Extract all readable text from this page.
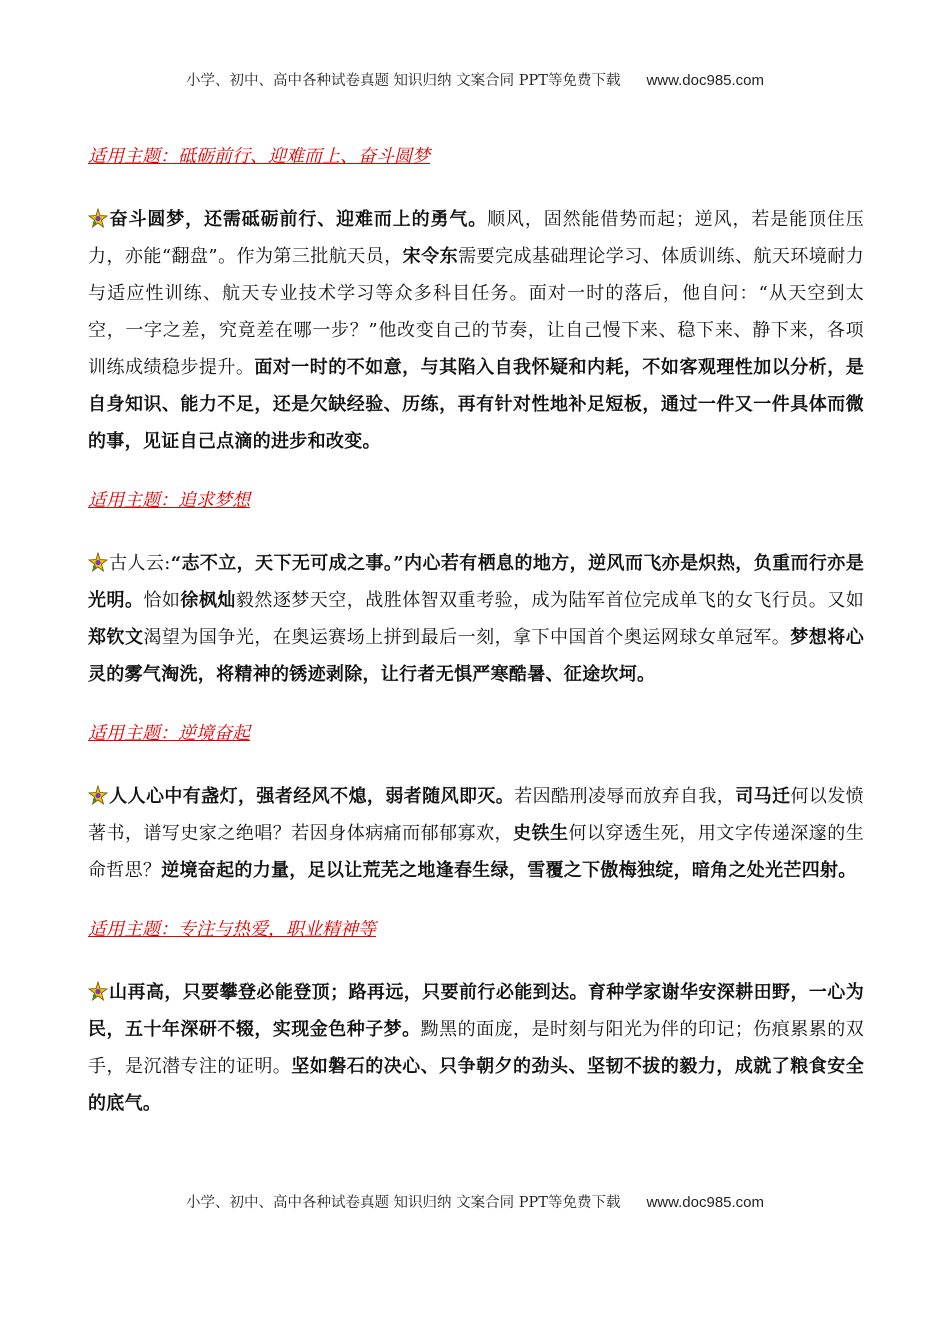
小学、初中、高中各种试卷真题 知识归纳 文案合同 PPT等免费下载 www.doc985.com

适用主题：砥砺前行、迎难而上、奋斗圆梦

奋斗圆梦，还需砥砺前行、迎难而上的勇气。顺风，固然能借势而起；逆风，若是能顶住压力，亦能“翻盘”。作为第三批航天员，宋令东需要完成基础理论学习、体质训练、航天环境耐力与适应性训练、航天专业技术学习等众多科目任务。面对一时的落后，他自问：“从天空到太空，一字之差，究竟差在哪一步？”他改变自己的节奏，让自己慢下来、稳下来、静下来，各项训练成绩稳步提升。面对一时的不如意，与其陷入自我怀疑和内耗，不如客观理性加以分析，是自身知识、能力不足，还是欠缺经验、历练，再有针对性地补足短板，通过一件又一件具体而微的事，见证自己点滴的进步和改变。

适用主题：追求梦想

古人云:“志不立，天下无可成之事。”内心若有栖息的地方，逆风而飞亦是炽热，负重而行亦是光明。恰如徐枫灿毅然逐梦天空，战胜体智双重考验，成为陆军首位完成单飞的女飞行员。又如郑钦文渴望为国争光，在奥运赛场上拼到最后一刻，拿下中国首个奥运网球女单冠军。梦想将心灵的雾气淘洗，将精神的锈迹剥除，让行者无惧严寒酷暑、征途坎坷。

适用主题：逆境奋起

人人心中有盏灯，强者经风不熄，弱者随风即灭。若因酷刑凌辱而放弃自我，司马迁何以发愤著书，谱写史家之绝唱？若因身体病痛而郁郁寡欢，史铁生何以穿透生死，用文字传递深邃的生命哲思？逆境奋起的力量，足以让荒芜之地逢春生绿，雪覆之下傲梅独绽，暗角之处光芒四射。

适用主题：专注与热爱，职业精神等

山再高，只要攀登必能登顶；路再远，只要前行必能到达。育种学家谢华安深耕田野，一心为民，五十年深研不辍，实现金色种子梦。黝黑的面庞，是时刻与阳光为伴的印记；伤痕累累的双手，是沉潜专注的证明。坚如磐石的决心、只争朝夕的劲头、坚韧不拔的毅力，成就了粮食安全的底气。

小学、初中、高中各种试卷真题 知识归纳 文案合同 PPT等免费下载 www.doc985.com
